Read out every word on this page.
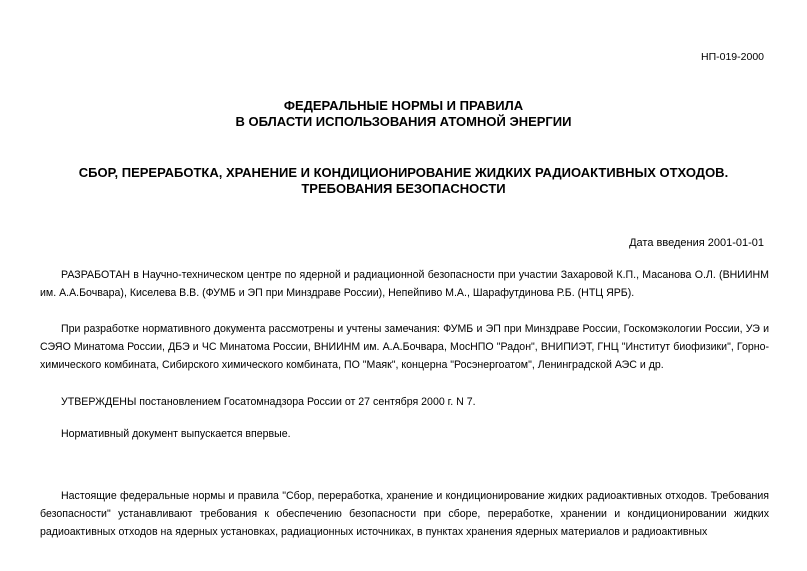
НП-019-2000
ФЕДЕРАЛЬНЫЕ НОРМЫ И ПРАВИЛА
В ОБЛАСТИ ИСПОЛЬЗОВАНИЯ АТОМНОЙ ЭНЕРГИИ
СБОР, ПЕРЕРАБОТКА, ХРАНЕНИЕ И КОНДИЦИОНИРОВАНИЕ ЖИДКИХ РАДИОАКТИВНЫХ ОТХОДОВ.
ТРЕБОВАНИЯ БЕЗОПАСНОСТИ
Дата введения 2001-01-01
РАЗРАБОТАН в Научно-техническом центре по ядерной и радиационной безопасности при участии Захаровой К.П., Масанова О.Л. (ВНИИНМ им. А.А.Бочвара), Киселева В.В. (ФУМБ и ЭП при Минздраве России), Непейпиво М.А., Шарафутдинова Р.Б. (НТЦ ЯРБ).
При разработке нормативного документа рассмотрены и учтены замечания: ФУМБ и ЭП при Минздраве России, Госкомэкологии России, УЭ и СЭЯО Минатома России, ДБЭ и ЧС Минатома России, ВНИИНМ им. А.А.Бочвара, МосНПО "Радон", ВНИПИЭТ, ГНЦ "Институт биофизики", Горно-химического комбината, Сибирского химического комбината, ПО "Маяк", концерна "Росэнергоатом", Ленинградской АЭС и др.
УТВЕРЖДЕНЫ постановлением Госатомнадзора России от 27 сентября 2000 г. N 7.
Нормативный документ выпускается впервые.
Настоящие федеральные нормы и правила "Сбор, переработка, хранение и кондиционирование жидких радиоактивных отходов. Требования безопасности" устанавливают требования к обеспечению безопасности при сборе, переработке, хранении и кондиционировании жидких радиоактивных отходов на ядерных установках, радиационных источниках, в пунктах хранения ядерных материалов и радиоактивных
